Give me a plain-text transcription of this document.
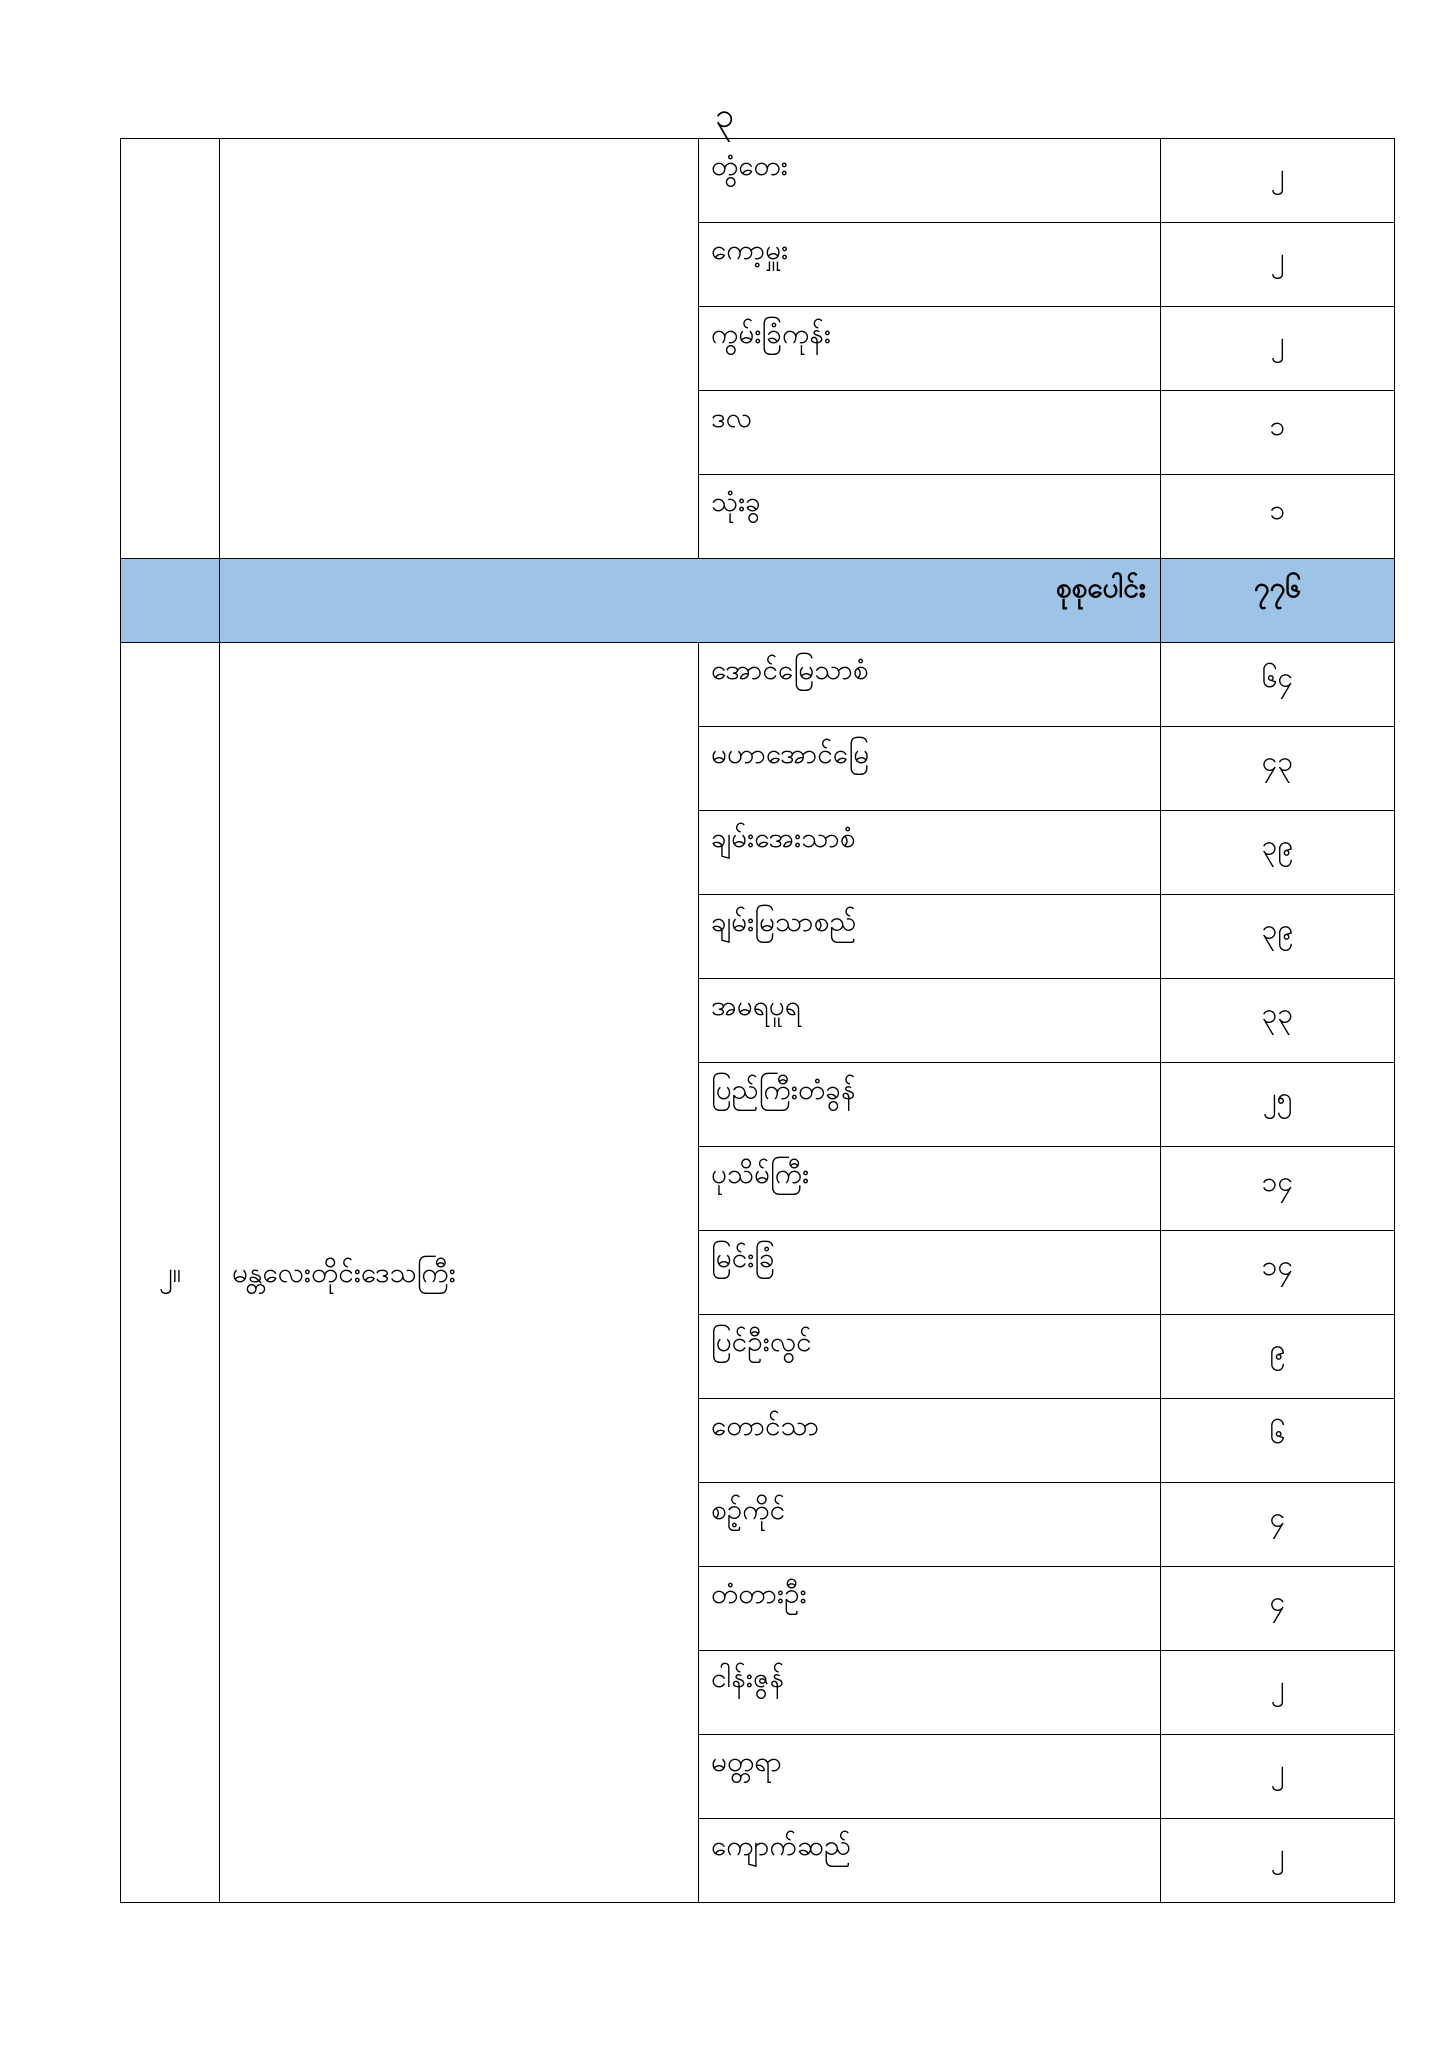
၃
		တွံတေး	၂
		ကော့မှူး	၂
		ကွမ်းခြံကုန်း	၂
		ဒလ	၁
		သုံးခွ	၁
	စုစုပေါင်း		၇၇၆
၂။	မန္တလေးတိုင်းဒေသကြီး	အောင်မြေသာစံ	၆၄
		မဟာအောင်မြေ	၄၃
		ချမ်းအေးသာစံ	၃၉
		ချမ်းမြသာစည်	၃၉
		အမရပူရ	၃၃
		ပြည်ကြီးတံခွန်	၂၅
		ပုသိမ်ကြီး	၁၄
		မြင်းခြံ	၁၄
		ပြင်ဦးလွင်	၉
		တောင်သာ	၆
		စဉ့်ကိုင်	၄
		တံတားဦး	၄
		ငါန်းဇွန်	၂
		မတ္တရာ	၂
		ကျောက်ဆည်	၂
